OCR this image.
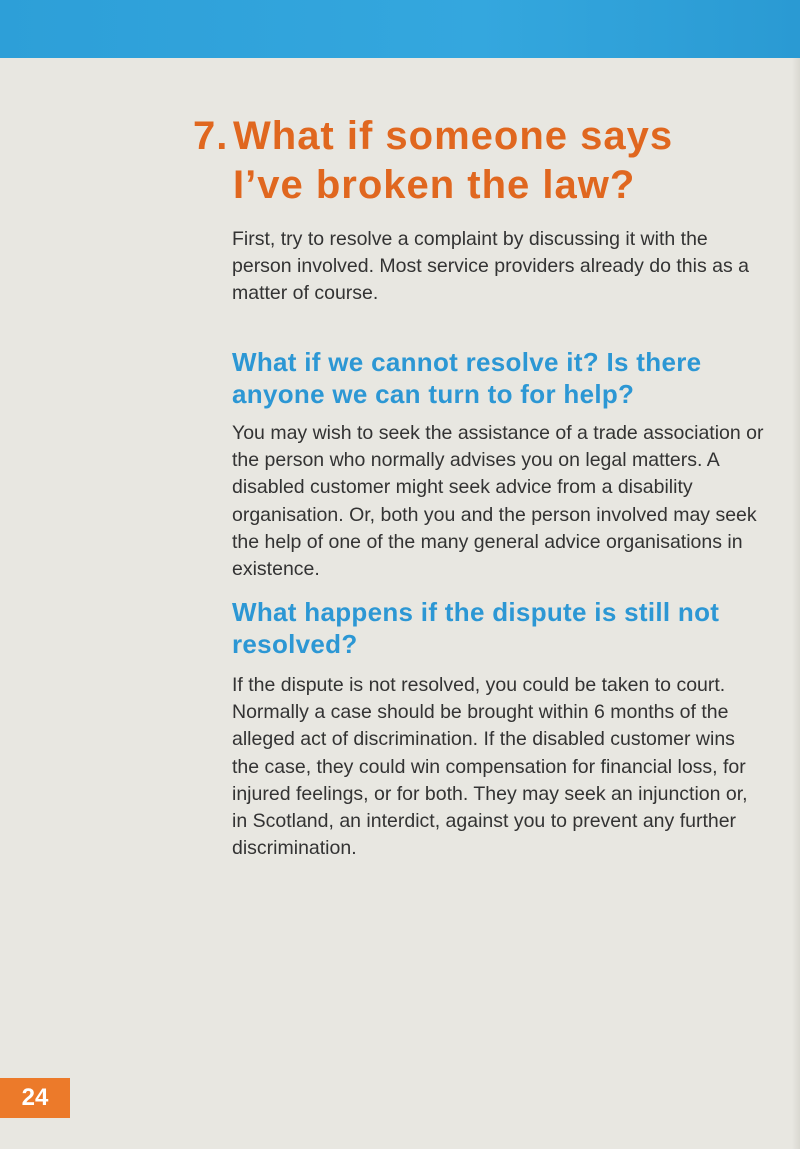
7. What if someone says I’ve broken the law?

First, try to resolve a complaint by discussing it with the person involved. Most service providers already do this as a matter of course.

What if we cannot resolve it? Is there anyone we can turn to for help?

You may wish to seek the assistance of a trade association or the person who normally advises you on legal matters. A disabled customer might seek advice from a disability organisation. Or, both you and the person involved may seek the help of one of the many general advice organisations in existence.

What happens if the dispute is still not resolved?

If the dispute is not resolved, you could be taken to court. Normally a case should be brought within 6 months of the alleged act of discrimination. If the disabled customer wins the case, they could win compensation for financial loss, for injured feelings, or for both. They may seek an injunction or, in Scotland, an interdict, against you to prevent any further discrimination.

24
